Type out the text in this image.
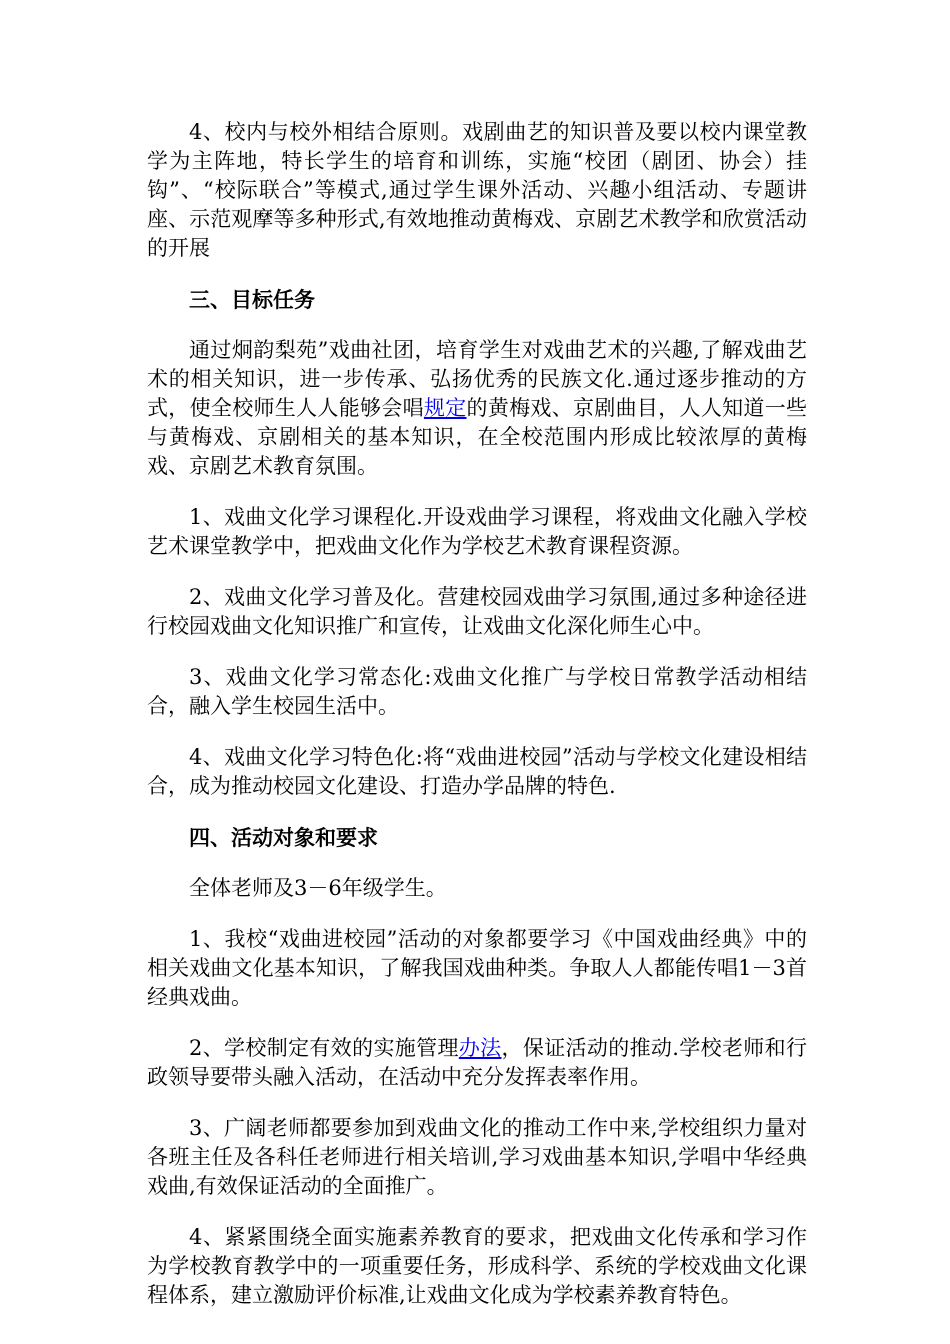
4、校内与校外相结合原则。戏剧曲艺的知识普及要以校内课堂教学为主阵地，特长学生的培育和训练，实施“校团（剧团、协会）挂钩”、“校际联合”等模式,通过学生课外活动、兴趣小组活动、专题讲座、示范观摩等多种形式,有效地推动黄梅戏、京剧艺术教学和欣赏活动的开展

三、目标任务

通过炯韵梨苑”戏曲社团，培育学生对戏曲艺术的兴趣,了解戏曲艺术的相关知识，进一步传承、弘扬优秀的民族文化.通过逐步推动的方式，使全校师生人人能够会唱规定的黄梅戏、京剧曲目，人人知道一些与黄梅戏、京剧相关的基本知识，在全校范围内形成比较浓厚的黄梅戏、京剧艺术教育氛围。

1、戏曲文化学习课程化.开设戏曲学习课程，将戏曲文化融入学校艺术课堂教学中，把戏曲文化作为学校艺术教育课程资源。

2、戏曲文化学习普及化。营建校园戏曲学习氛围,通过多种途径进行校园戏曲文化知识推广和宣传，让戏曲文化深化师生心中。

3、戏曲文化学习常态化:戏曲文化推广与学校日常教学活动相结合，融入学生校园生活中。

4、戏曲文化学习特色化:将“戏曲进校园”活动与学校文化建设相结合，成为推动校园文化建设、打造办学品牌的特色.

四、活动对象和要求

全体老师及3－6年级学生。

1、我校“戏曲进校园”活动的对象都要学习《中国戏曲经典》中的相关戏曲文化基本知识，了解我国戏曲种类。争取人人都能传唱1－3首经典戏曲。

2、学校制定有效的实施管理办法，保证活动的推动.学校老师和行政领导要带头融入活动，在活动中充分发挥表率作用。

3、广阔老师都要参加到戏曲文化的推动工作中来,学校组织力量对各班主任及各科任老师进行相关培训,学习戏曲基本知识,学唱中华经典戏曲,有效保证活动的全面推广。

4、紧紧围绕全面实施素养教育的要求，把戏曲文化传承和学习作为学校教育教学中的一项重要任务，形成科学、系统的学校戏曲文化课程体系，建立激励评价标准,让戏曲文化成为学校素养教育特色。
